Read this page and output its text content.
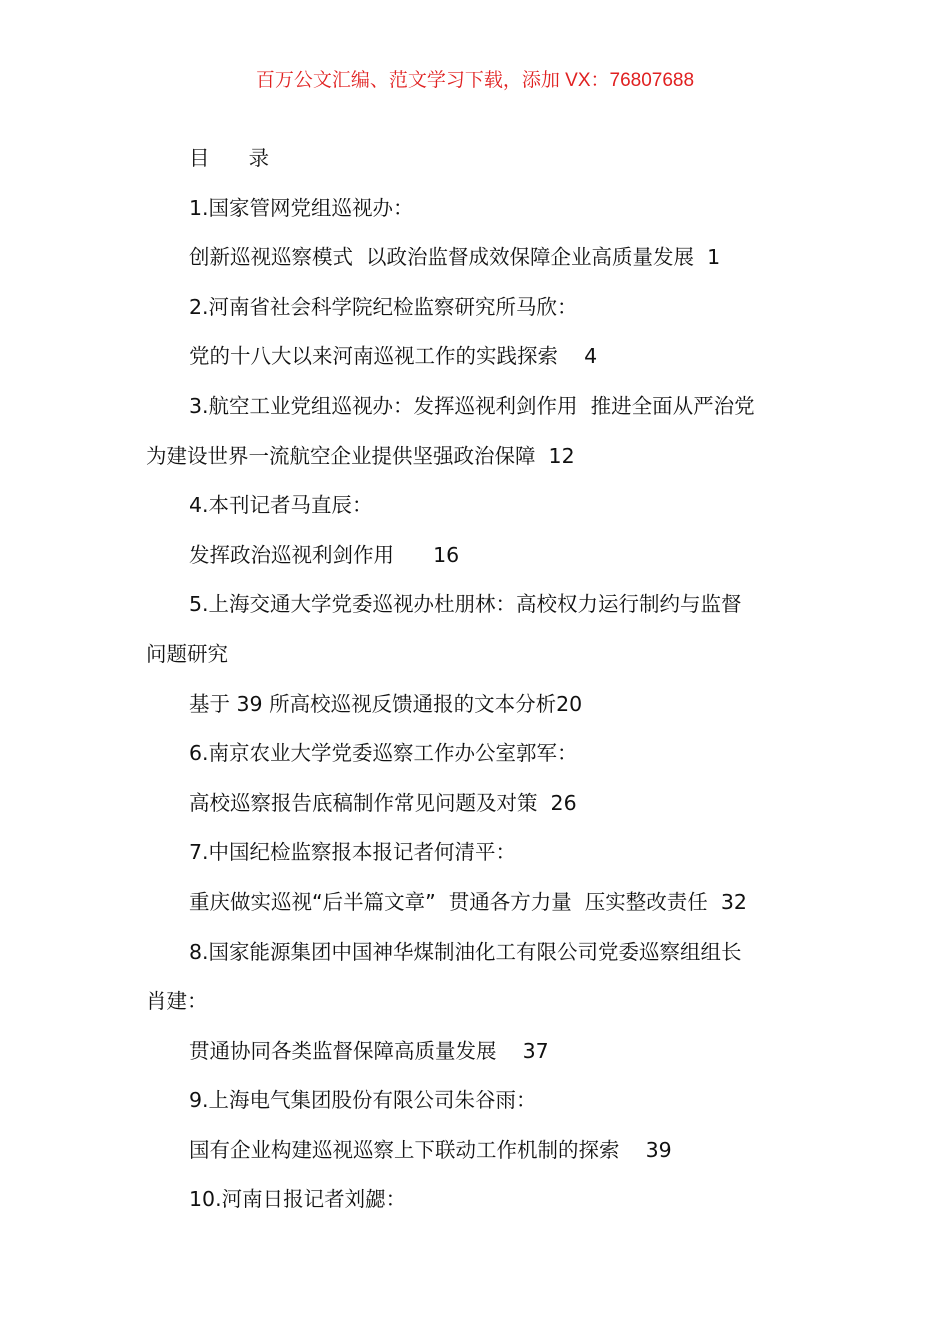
百万公文汇编、范文学习下载，添加 VX：76807688
目      录
1.国家管网党组巡视办：
创新巡视巡察模式  以政治监督成效保障企业高质量发展  1
2.河南省社会科学院纪检监察研究所马欣：
党的十八大以来河南巡视工作的实践探索    4
3.航空工业党组巡视办：发挥巡视利剑作用  推进全面从严治党
为建设世界一流航空企业提供坚强政治保障  12
4.本刊记者马直辰：
发挥政治巡视利剑作用      16
5.上海交通大学党委巡视办杜朋林：高校权力运行制约与监督
问题研究
基于 39 所高校巡视反馈通报的文本分析20
6.南京农业大学党委巡察工作办公室郭军：
高校巡察报告底稿制作常见问题及对策  26
7.中国纪检监察报本报记者何清平：
重庆做实巡视“后半篇文章”  贯通各方力量  压实整改责任  32
8.国家能源集团中国神华煤制油化工有限公司党委巡察组组长
肖建：
贯通协同各类监督保障高质量发展    37
9.上海电气集团股份有限公司朱谷雨：
国有企业构建巡视巡察上下联动工作机制的探索    39
10.河南日报记者刘勰：
